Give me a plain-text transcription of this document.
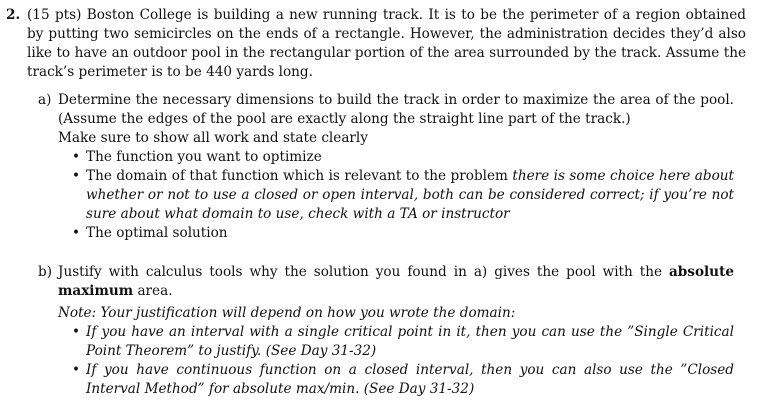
2. (15 pts) Boston College is building a new running track. It is to be the perimeter of a region obtained by putting two semicircles on the ends of a rectangle. However, the administration decides they’d also like to have an outdoor pool in the rectangular portion of the area surrounded by the track. Assume the track’s perimeter is to be 440 yards long.
a) Determine the necessary dimensions to build the track in order to maximize the area of the pool. (Assume the edges of the pool are exactly along the straight line part of the track.)
Make sure to show all work and state clearly
• The function you want to optimize
• The domain of that function which is relevant to the problem there is some choice here about whether or not to use a closed or open interval, both can be considered correct; if you’re not sure about what domain to use, check with a TA or instructor
• The optimal solution
b) Justify with calculus tools why the solution you found in a) gives the pool with the absolute maximum area.
Note: Your justification will depend on how you wrote the domain:
• If you have an interval with a single critical point in it, then you can use the ”Single Critical Point Theorem” to justify. (See Day 31-32)
• If you have continuous function on a closed interval, then you can also use the ”Closed Interval Method” for absolute max/min. (See Day 31-32)
